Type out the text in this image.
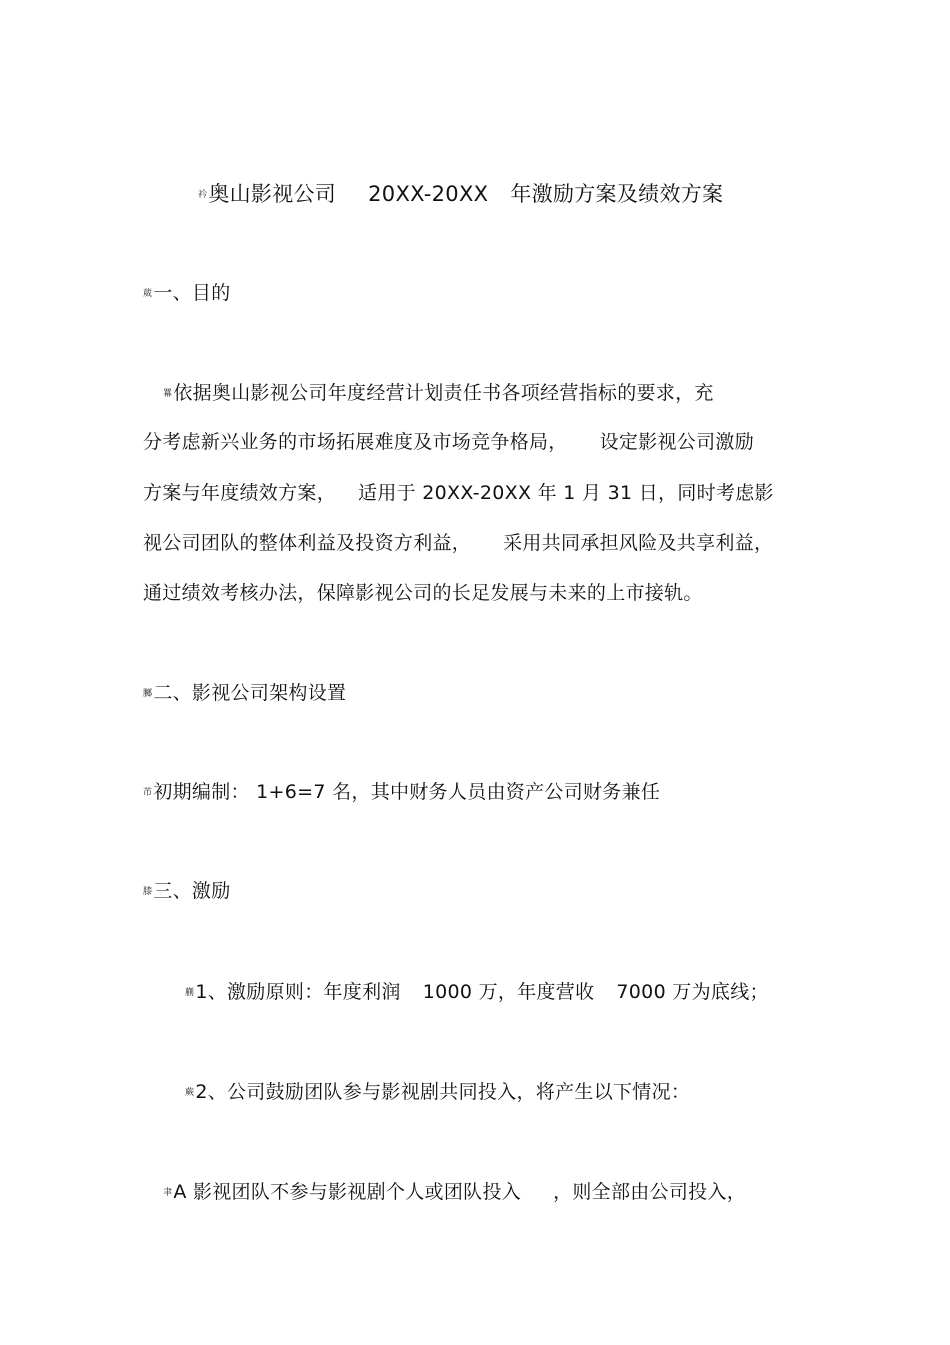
衿奥山影视公司 20XX-20XX 年激励方案及绩效方案
葳一、目的
羃依据奥山影视公司年度经营计划责任书各项经营指标的要求，充
分考虑新兴业务的市场拓展难度及市场竞争格局， 设定影视公司激励
方案与年度绩效方案， 适用于 20XX-20XX 年 1 月 31 日，同时考虑影
视公司团队的整体利益及投资方利益， 采用共同承担风险及共享利益，
通过绩效考核办法，保障影视公司的长足发展与未来的上市接轨。
膷二、影视公司架构设置
芇初期编制： 1+6=7 名，其中财务人员由资产公司财务兼任
膝三、激励
蒯1、激励原则：年度利润 1000 万，年度营收 7000 万为底线；
蕨2、公司鼓励团队参与影视剧共同投入，将产生以下情况：
聿A 影视团队不参与影视剧个人或团队投入 ，则全部由公司投入，
